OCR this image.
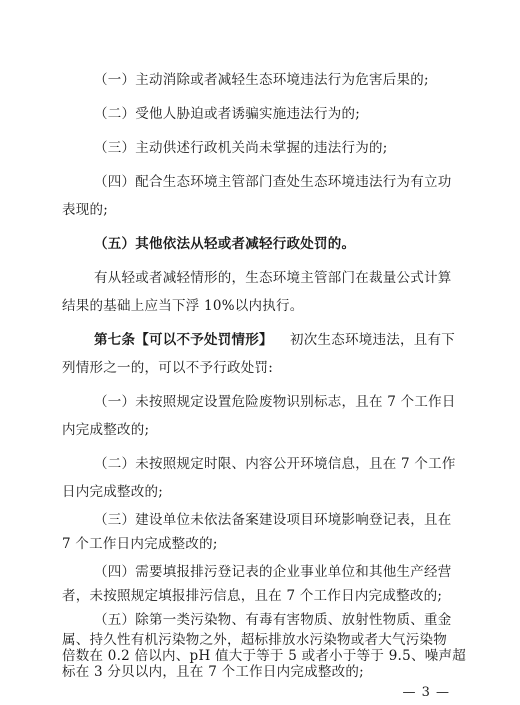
（一）主动消除或者减轻生态环境违法行为危害后果的;
（二）受他人胁迫或者诱骗实施违法行为的;
（三）主动供述行政机关尚未掌握的违法行为的;
（四）配合生态环境主管部门查处生态环境违法行为有立功
表现的;
（五）其他依法从轻或者减轻行政处罚的。
有从轻或者减轻情形的，生态环境主管部门在裁量公式计算
结果的基础上应当下浮 10%以内执行。
第七条【可以不予处罚情形】 初次生态环境违法，且有下
列情形之一的，可以不予行政处罚:
（一）未按照规定设置危险废物识别标志，且在 7 个工作日
内完成整改的;
（二）未按照规定时限、内容公开环境信息，且在 7 个工作
日内完成整改的;
— 3 —
（三）建设单位未依法备案建设项目环境影响登记表，且在
7 个工作日内完成整改的;
（四）需要填报排污登记表的企业事业单位和其他生产经营
者，未按照规定填报排污信息，且在 7 个工作日内完成整改的;
（五）除第一类污染物、有毒有害物质、放射性物质、重金
属、持久性有机污染物之外，超标排放水污染物或者大气污染物
倍数在 0.2 倍以内、pH 值大于等于 5 或者小于等于 9.5、噪声超
标在 3 分贝以内，且在 7 个工作日内完成整改的;
